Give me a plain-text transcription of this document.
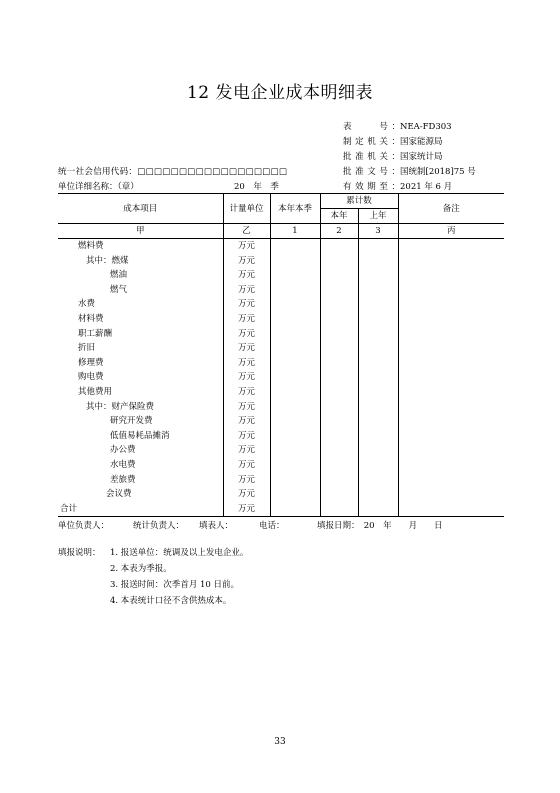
12 发电企业成本明细表
表　　号：NEA-FD303
制定机关：国家能源局
批准机关：国家统计局
批准文号：国统制[2018]75 号
有效期至：2021 年 6 月
统一社会信用代码：□□□□□□□□□□□□□□□□□□
单位详细名称：（章）	20　年　季
成本项目	计量单位	本年本季	累计数		备注
			本年	上年	
甲	乙	1	2	3	丙
燃料费	万元				
其中：燃煤	万元				
燃油	万元				
燃气	万元				
水费	万元				
材料费	万元				
职工薪酬	万元				
折旧	万元				
修理费	万元				
购电费	万元				
其他费用	万元				
其中：财产保险费	万元				
研究开发费	万元				
低值易耗品摊消	万元				
办公费	万元				
水电费	万元				
差旅费	万元				
会议费	万元				
合计	万元				
单位负责人：	统计负责人： 填表人：	电话：	填报日期：　20　年　　月　　日
填报说明： 1. 报送单位：统调及以上发电企业。
2. 本表为季报。
3. 报送时间：次季首月 10 日前。
4. 本表统计口径不含供热成本。
33
